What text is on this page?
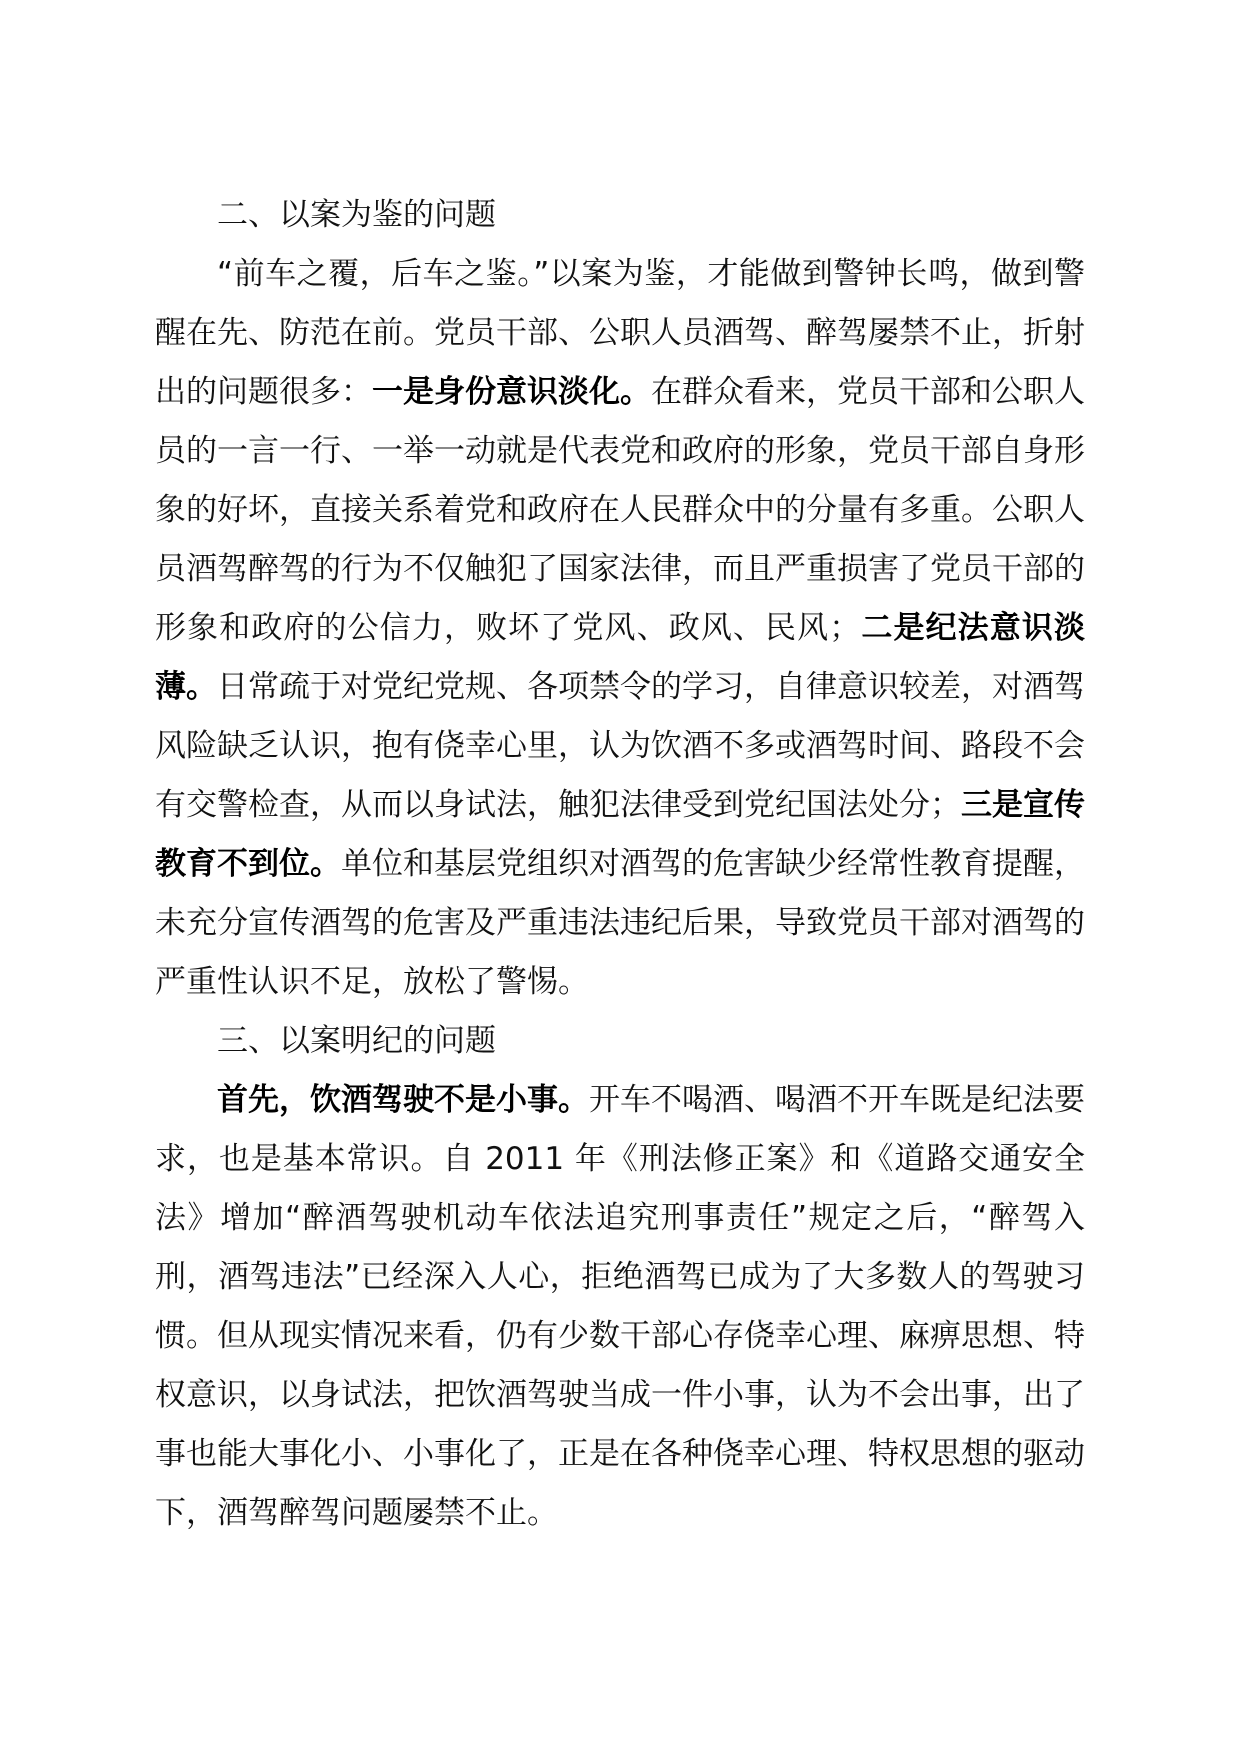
二、以案为鉴的问题

“前车之覆，后车之鉴。”以案为鉴，才能做到警钟长鸣，做到警醒在先、防范在前。党员干部、公职人员酒驾、醉驾屡禁不止，折射出的问题很多：一是身份意识淡化。在群众看来，党员干部和公职人员的一言一行、一举一动就是代表党和政府的形象，党员干部自身形象的好坏，直接关系着党和政府在人民群众中的分量有多重。公职人员酒驾醉驾的行为不仅触犯了国家法律，而且严重损害了党员干部的形象和政府的公信力，败坏了党风、政风、民风；二是纪法意识淡薄。日常疏于对党纪党规、各项禁令的学习，自律意识较差，对酒驾风险缺乏认识，抱有侥幸心里，认为饮酒不多或酒驾时间、路段不会有交警检查，从而以身试法，触犯法律受到党纪国法处分；三是宣传教育不到位。单位和基层党组织对酒驾的危害缺少经常性教育提醒，未充分宣传酒驾的危害及严重违法违纪后果，导致党员干部对酒驾的严重性认识不足，放松了警惕。

三、以案明纪的问题

首先，饮酒驾驶不是小事。开车不喝酒、喝酒不开车既是纪法要求，也是基本常识。自 2011 年《刑法修正案》和《道路交通安全法》增加“醉酒驾驶机动车依法追究刑事责任”规定之后，“醉驾入刑，酒驾违法”已经深入人心，拒绝酒驾已成为了大多数人的驾驶习惯。但从现实情况来看，仍有少数干部心存侥幸心理、麻痹思想、特权意识，以身试法，把饮酒驾驶当成一件小事，认为不会出事，出了事也能大事化小、小事化了，正是在各种侥幸心理、特权思想的驱动下，酒驾醉驾问题屡禁不止。
